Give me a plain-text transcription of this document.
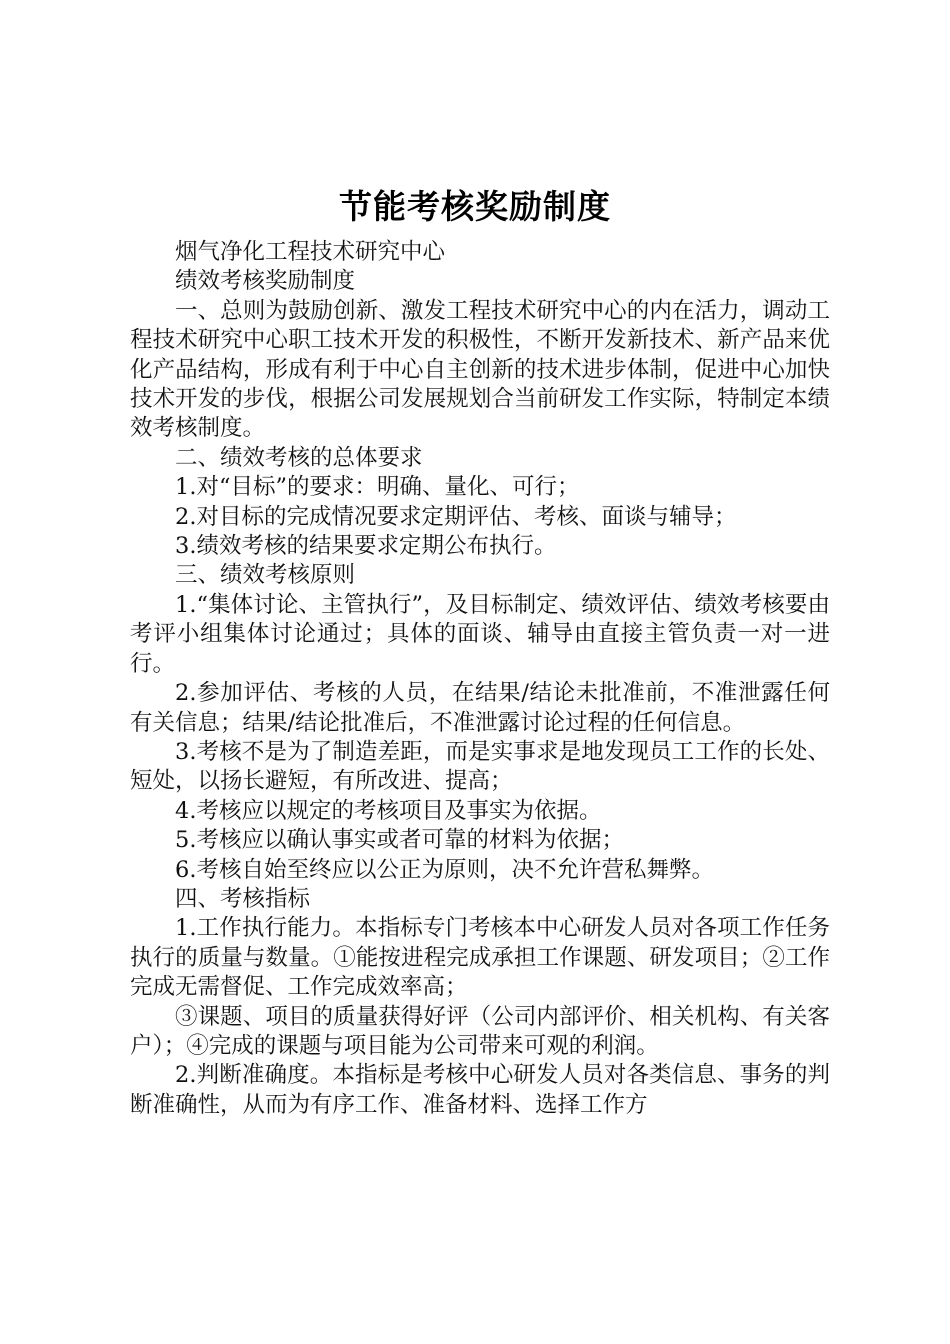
节能考核奖励制度

烟气净化工程技术研究中心

绩效考核奖励制度

一、总则为鼓励创新、激发工程技术研究中心的内在活力，调动工程技术研究中心职工技术开发的积极性，不断开发新技术、新产品来优化产品结构，形成有利于中心自主创新的技术进步体制，促进中心加快技术开发的步伐，根据公司发展规划合当前研发工作实际，特制定本绩效考核制度。

二、绩效考核的总体要求

1.对“目标”的要求：明确、量化、可行；

2.对目标的完成情况要求定期评估、考核、面谈与辅导；

3.绩效考核的结果要求定期公布执行。

三、绩效考核原则

1.“集体讨论、主管执行”，及目标制定、绩效评估、绩效考核要由考评小组集体讨论通过；具体的面谈、辅导由直接主管负责一对一进行。

2.参加评估、考核的人员，在结果/结论未批准前，不准泄露任何有关信息；结果/结论批准后，不准泄露讨论过程的任何信息。

3.考核不是为了制造差距，而是实事求是地发现员工工作的长处、短处，以扬长避短，有所改进、提高；

4.考核应以规定的考核项目及事实为依据。

5.考核应以确认事实或者可靠的材料为依据；

6.考核自始至终应以公正为原则，决不允许营私舞弊。

四、考核指标

1.工作执行能力。本指标专门考核本中心研发人员对各项工作任务执行的质量与数量。①能按进程完成承担工作课题、研发项目；②工作完成无需督促、工作完成效率高；

③课题、项目的质量获得好评（公司内部评价、相关机构、有关客户）；④完成的课题与项目能为公司带来可观的利润。

2.判断准确度。本指标是考核中心研发人员对各类信息、事务的判断准确性，从而为有序工作、准备材料、选择工作方
